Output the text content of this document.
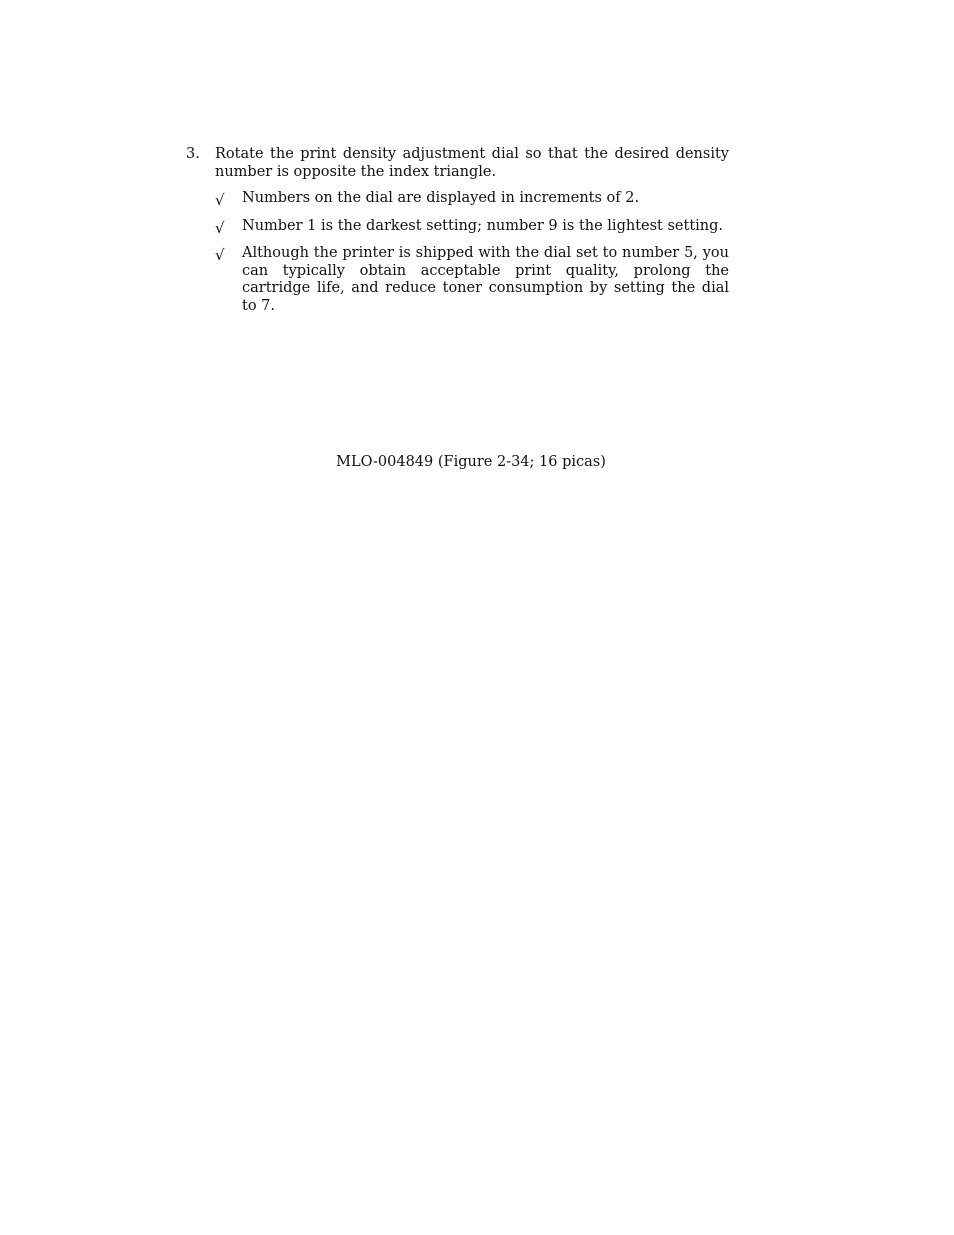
3.	Rotate the print density adjustment dial so that the desired density number is opposite the index triangle.
√	Numbers on the dial are displayed in increments of 2.
√	Number 1 is the darkest setting; number 9 is the lightest setting.
√	Although the printer is shipped with the dial set to number 5, you can typically obtain acceptable print quality, prolong the cartridge life, and reduce toner consumption by setting the dial to 7.
MLO-004849 (Figure 2-34; 16 picas)
